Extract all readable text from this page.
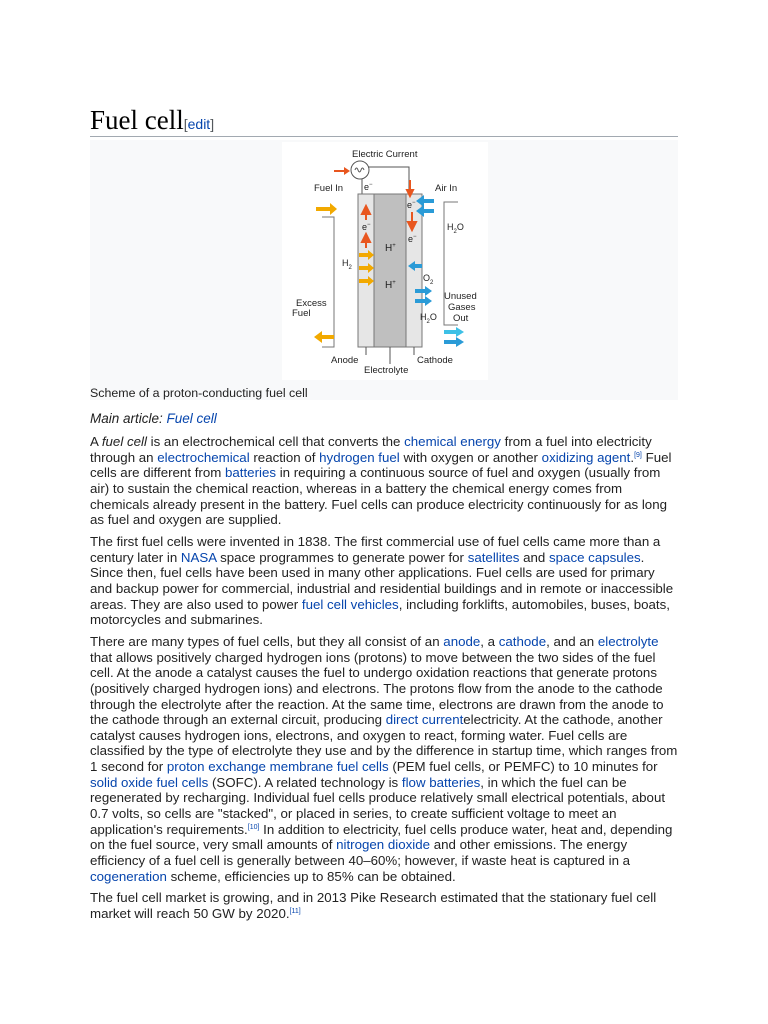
Fuel cell[edit]
Electric Current
Fuel In	Air In
e−
e−
e−
e−
H+
H+
$H_2$
Excess
Fuel
$H_2O$
$O_2$
$H_2O$
Unused
Gases
Out
Anode	Cathode
Electrolyte
Scheme of a proton-conducting fuel cell
Main article: Fuel cell

A fuel cell is an electrochemical cell that converts the chemical energy from a fuel into electricity through an electrochemical reaction of hydrogen fuel with oxygen or another oxidizing agent.[9] Fuel cells are different from batteries in requiring a continuous source of fuel and oxygen (usually from air) to sustain the chemical reaction, whereas in a battery the chemical energy comes from chemicals already present in the battery. Fuel cells can produce electricity continuously for as long as fuel and oxygen are supplied.

The first fuel cells were invented in 1838. The first commercial use of fuel cells came more than a century later in NASA space programmes to generate power for satellites and space capsules. Since then, fuel cells have been used in many other applications. Fuel cells are used for primary and backup power for commercial, industrial and residential buildings and in remote or inaccessible areas. They are also used to power fuel cell vehicles, including forklifts, automobiles, buses, boats, motorcycles and submarines.

There are many types of fuel cells, but they all consist of an anode, a cathode, and an electrolyte that allows positively charged hydrogen ions (protons) to move between the two sides of the fuel cell. At the anode a catalyst causes the fuel to undergo oxidation reactions that generate protons (positively charged hydrogen ions) and electrons. The protons flow from the anode to the cathode through the electrolyte after the reaction. At the same time, electrons are drawn from the anode to the cathode through an external circuit, producing direct currentelectricity. At the cathode, another catalyst causes hydrogen ions, electrons, and oxygen to react, forming water. Fuel cells are classified by the type of electrolyte they use and by the difference in startup time, which ranges from 1 second for proton exchange membrane fuel cells (PEM fuel cells, or PEMFC) to 10 minutes for solid oxide fuel cells (SOFC). A related technology is flow batteries, in which the fuel can be regenerated by recharging. Individual fuel cells produce relatively small electrical potentials, about 0.7 volts, so cells are "stacked", or placed in series, to create sufficient voltage to meet an application's requirements.[10] In addition to electricity, fuel cells produce water, heat and, depending on the fuel source, very small amounts of nitrogen dioxide and other emissions. The energy efficiency of a fuel cell is generally between 40–60%; however, if waste heat is captured in a cogeneration scheme, efficiencies up to 85% can be obtained.

The fuel cell market is growing, and in 2013 Pike Research estimated that the stationary fuel cell market will reach 50 GW by 2020.[11]
